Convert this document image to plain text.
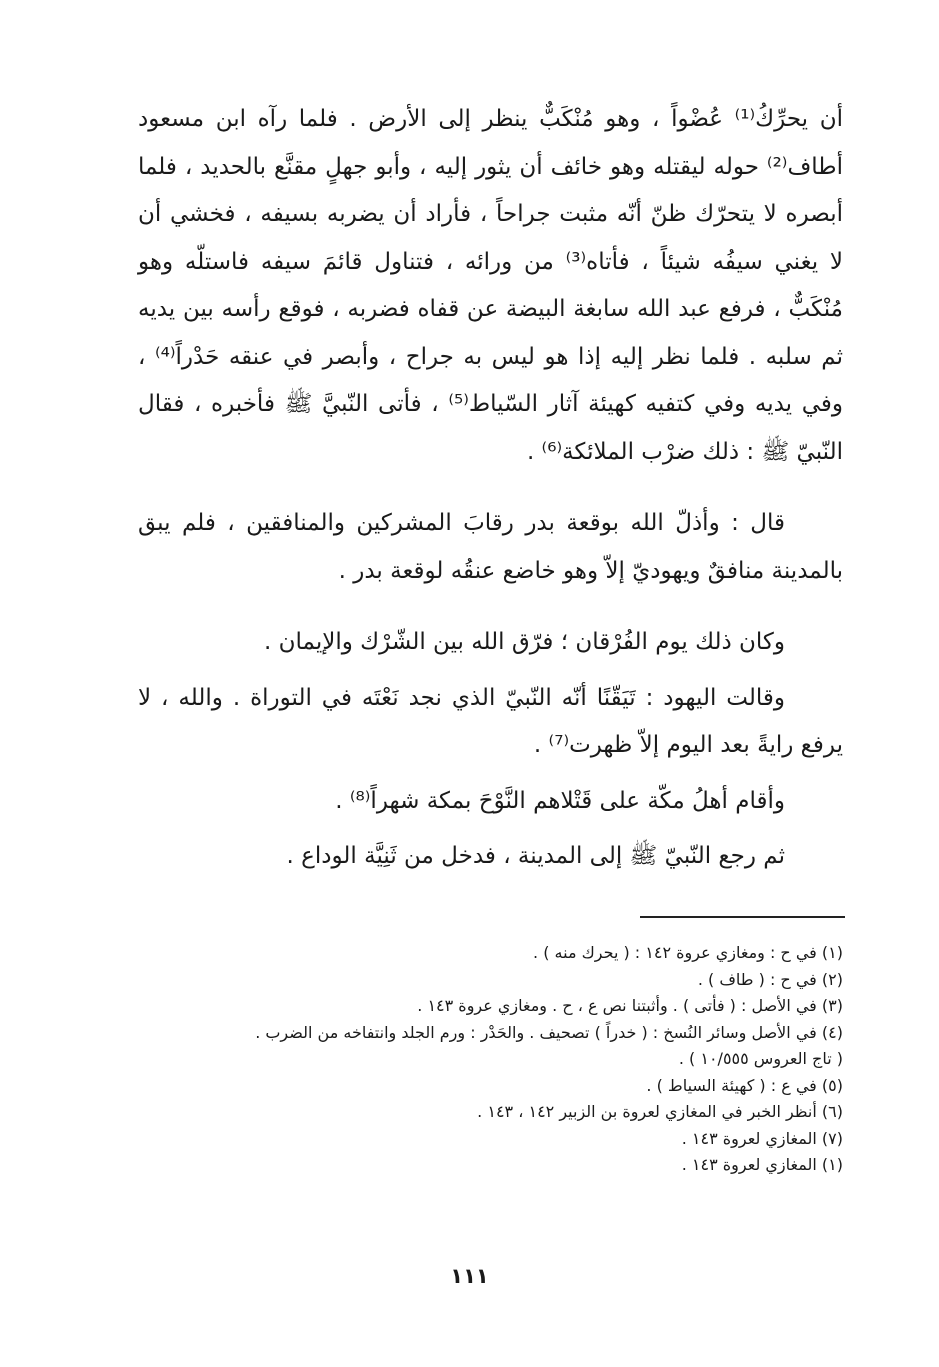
أن يحرِّكُ⁽¹⁾ عُضْواً ، وهو مُنْكَبٌّ ينظر إلى الأرض . فلما رآه ابن مسعود أطاف⁽²⁾ حوله ليقتله وهو خائف أن يثور إليه ، وأبو جهلٍ مقنَّع بالحديد ، فلما أبصره لا يتحرّك ظنّ أنّه مثبت جراحاً ، فأراد أن يضربه بسيفه ، فخشي أن لا يغني سيفُه شيئاً ، فأتاه⁽³⁾ من ورائه ، فتناول قائمَ سيفه فاستلّه وهو مُنْكَبٌّ ، فرفع عبد الله سابغة البيضة عن قفاه فضربه ، فوقع رأسه بين يديه ثم سلبه . فلما نظر إليه إذا هو ليس به جراح ، وأبصر في عنقه حَدْراً⁽⁴⁾ ، وفي يديه وفي كتفيه كهيئة آثار السّياط⁽⁵⁾ ، فأتى النّبيَّ ﷺ فأخبره ، فقال النّبيّ ﷺ : ذلك ضرْب الملائكة⁽⁶⁾ .

قال : وأذلّ الله بوقعة بدر رقابَ المشركين والمنافقين ، فلم يبق بالمدينة منافقٌ ويهوديّ إلاّ وهو خاضع عنقُه لوقعة بدر .

وكان ذلك يوم الفُرْقان ؛ فرّق الله بين الشّرْك والإيمان .

وقالت اليهود : تَيَقّنًا أنّه النّبيّ الذي نجد نَعْتَه في التوراة . والله ، لا يرفع رايةً بعد اليوم إلاّ ظهرت⁽⁷⁾ .

وأقام أهلُ مكّة على قَتْلاهم النَّوْحَ بمكة شهراً⁽⁸⁾ .

ثم رجع النّبيّ ﷺ إلى المدينة ، فدخل من ثَنِيَّة الوداع .

(١) في ح : ومغازي عروة ١٤٢ : ( يحرك منه ) .
(٢) في ح : ( طاف ) .
(٣) في الأصل : ( فأتى ) . وأثبتنا نص ع ، ح . ومغازي عروة ١٤٣ .
(٤) في الأصل وسائر النُسخ : ( خدراً ) تصحيف . والحَدْر : ورم الجلد وانتفاخه من الضرب .
( تاج العروس ١٠/٥٥٥ ) .
(٥) في ع : ( كهيئة السياط ) .
(٦) أنظر الخبر في المغازي لعروة بن الزبير ١٤٢ ، ١٤٣ .
(٧) المغازي لعروة ١٤٣ .
(١) المغازي لعروة ١٤٣ .
١١١
